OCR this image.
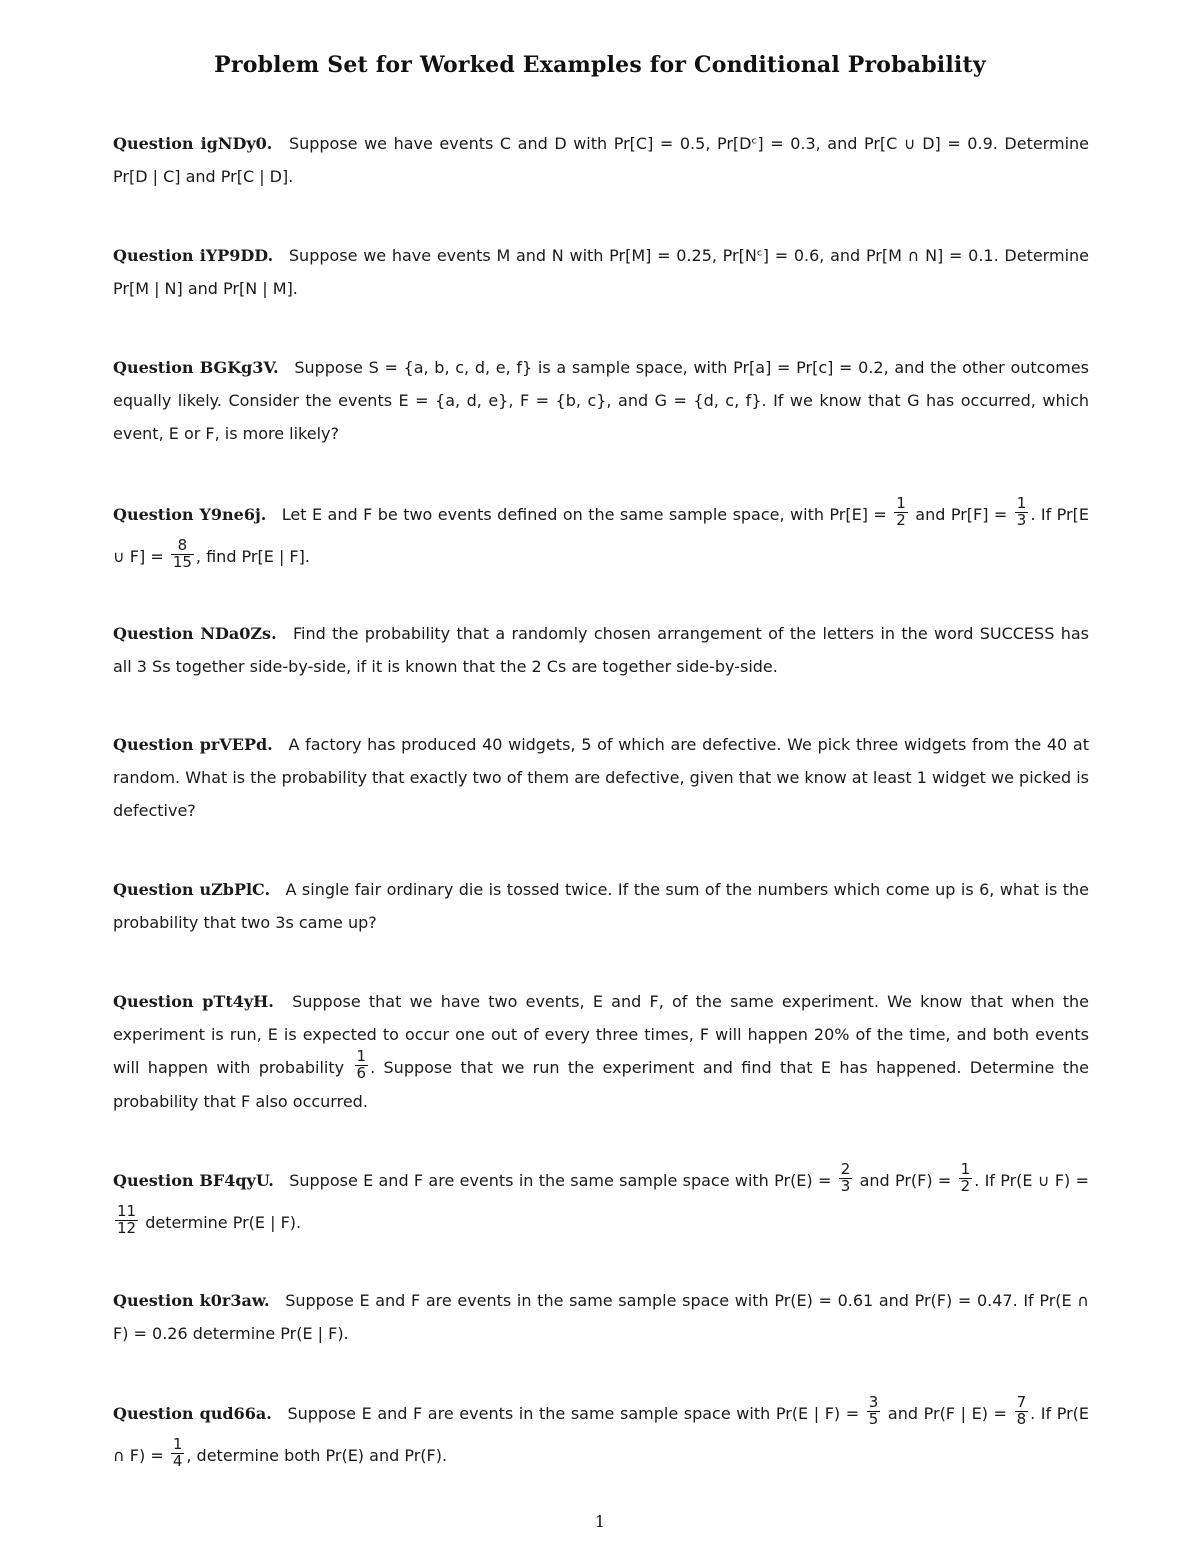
Problem Set for Worked Examples for Conditional Probability
Question igNDy0. Suppose we have events C and D with Pr[C] = 0.5, Pr[Dᶜ] = 0.3, and Pr[C ∪ D] = 0.9. Determine Pr[D | C] and Pr[C | D].
Question iYP9DD. Suppose we have events M and N with Pr[M] = 0.25, Pr[Nᶜ] = 0.6, and Pr[M ∩ N] = 0.1. Determine Pr[M | N] and Pr[N | M].
Question BGKg3V. Suppose S = {a, b, c, d, e, f} is a sample space, with Pr[a] = Pr[c] = 0.2, and the other outcomes equally likely. Consider the events E = {a, d, e}, F = {b, c}, and G = {d, c, f}. If we know that G has occurred, which event, E or F, is more likely?
Question Y9ne6j. Let E and F be two events defined on the same sample space, with $Pr[E] = \frac{1}{2}$ and $Pr[F] = \frac{1}{3}$ . If Pr[E ∪ $F] = \frac{8}{15}$ , find Pr[E | F].
Question NDa0Zs. Find the probability that a randomly chosen arrangement of the letters in the word SUCCESS has all 3 Ss together side-by-side, if it is known that the 2 Cs are together side-by-side.
Question prVEPd. A factory has produced 40 widgets, 5 of which are defective. We pick three widgets from the 40 at random. What is the probability that exactly two of them are defective, given that we know at least 1 widget we picked is defective?
Question uZbPlC. A single fair ordinary die is tossed twice. If the sum of the numbers which come up is 6, what is the probability that two 3s came up?
Question pTt4yH. Suppose that we have two events, E and F, of the same experiment. We know that when the experiment is run, E is expected to occur one out of every three times, F will happen 20% of the time, and both events will happen with probability $\frac{1}{6}$ . Suppose that we run the experiment and find that E has happened. Determine the probability that F also occurred.
Question BF4qyU. Suppose E and F are events in the same sample space with $Pr(E) = \frac{2}{3}$ and $Pr(F) = \frac{1}{2}$ . If Pr(E ∪ F) =
$\frac{11}{12}$ determine Pr(E | F).
Question k0r3aw. Suppose E and F are events in the same sample space with Pr(E) = 0.61 and Pr(F) = 0.47. If Pr(E ∩ F) = 0.26 determine Pr(E | F).
Question qud66a. Suppose E and F are events in the same sample space with Pr(E | $F) = \frac{3}{5}$ and Pr(F | $E) = \frac{7}{8}$ . If Pr(E ∩ $F) = \frac{1}{4}$ , determine both Pr(E) and Pr(F).
1
